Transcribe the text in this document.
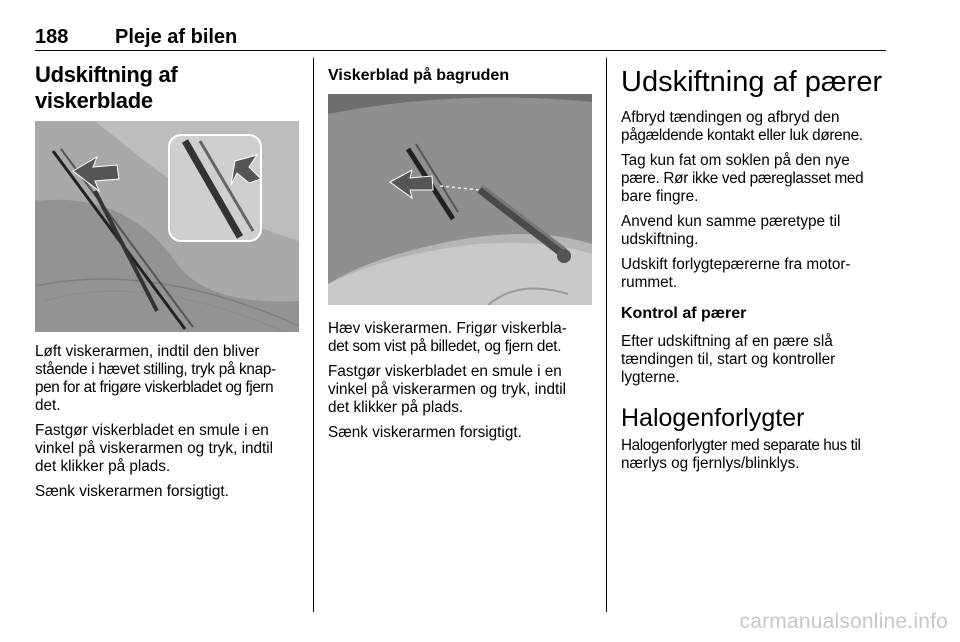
188 Pleje af bilen
Udskiftning af viskerblade

Løft viskerarmen, indtil den bliver

stående i hævet stilling, tryk på knap-

pen for at frigøre viskerbladet og fjern

det.

Fastgør viskerbladet en smule i en

vinkel på viskerarmen og tryk, indtil

det klikker på plads.

Sænk viskerarmen forsigtigt.

Viskerblad på bagruden

Hæv viskerarmen. Frigør viskerbla-

det som vist på billedet, og fjern det.

Fastgør viskerbladet en smule i en

vinkel på viskerarmen og tryk, indtil

det klikker på plads.

Sænk viskerarmen forsigtigt.

Udskiftning af pærer

Afbryd tændingen og afbryd den

pågældende kontakt eller luk dørene.

Tag kun fat om soklen på den nye

pære. Rør ikke ved pæreglasset med

bare fingre.

Anvend kun samme pæretype til

udskiftning.

Udskift forlygtepærerne fra motor-

rummet.

Kontrol af pærer

Efter udskiftning af en pære slå

tændingen til, start og kontroller

lygterne.

Halogenforlygter

Halogenforlygter med separate hus til

nærlys og fjernlys/blinklys.

carmanualsonline.info
